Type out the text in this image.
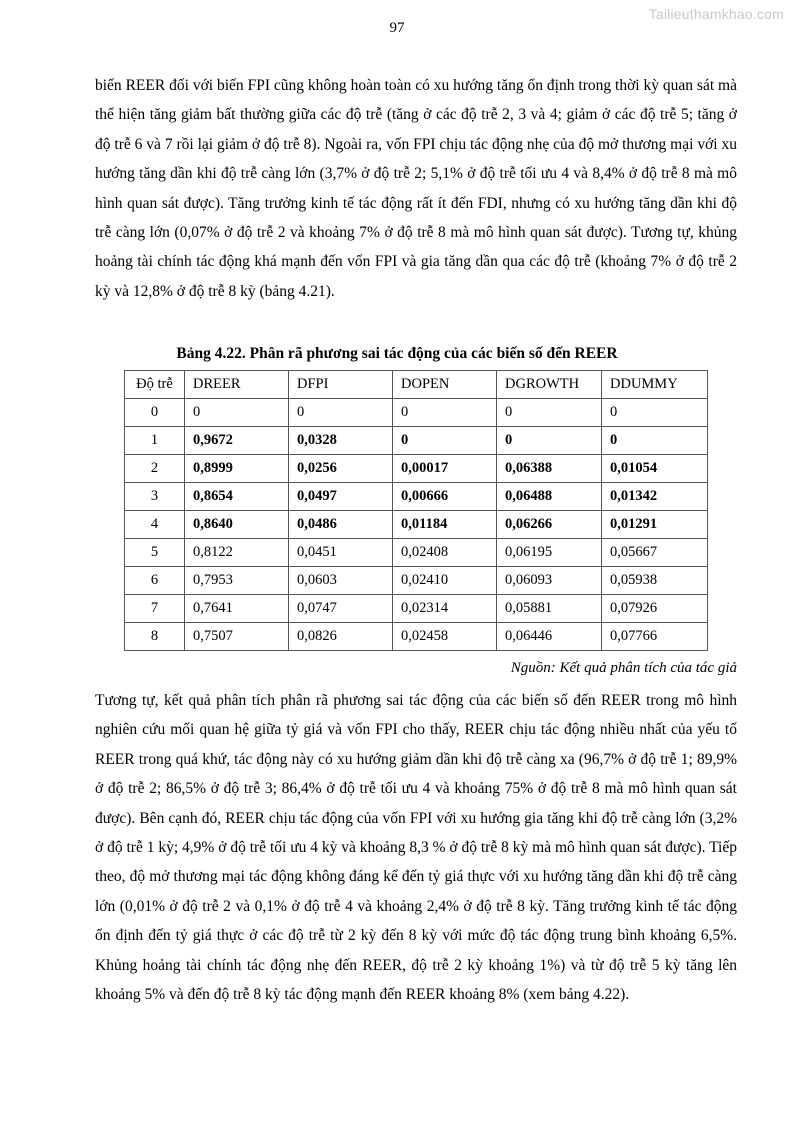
Tailieuthamkhao.com
97

biến REER đối với biến FPI cũng không hoàn toàn có xu hướng tăng ổn định trong thời kỳ quan sát mà thể hiện tăng giảm bất thường giữa các độ trễ (tăng ở các độ trễ 2, 3 và 4; giảm ở các độ trễ 5; tăng ở độ trễ 6 và 7 rồi lại giảm ở độ trễ 8). Ngoài ra, vốn FPI chịu tác động nhẹ của độ mở thương mại với xu hướng tăng dần khi độ trễ càng lớn (3,7% ở độ trễ 2; 5,1% ở độ trễ tối ưu 4 và 8,4% ở độ trễ 8 mà mô hình quan sát được). Tăng trưởng kinh tế tác động rất ít đến FDI, nhưng có xu hướng tăng dần khi độ trễ càng lớn (0,07% ở độ trễ 2 và khoảng 7% ở độ trễ 8 mà mô hình quan sát được). Tương tự, khủng hoảng tài chính tác động khá mạnh đến vốn FPI và gia tăng dần qua các độ trễ (khoảng 7% ở độ trễ 2 kỳ và 12,8% ở độ trễ 8 kỳ (bảng 4.21).

Bảng 4.22. Phân rã phương sai tác động của các biến số đến REER
Độ trễ	DREER	DFPI	DOPEN	DGROWTH	DDUMMY
0	0	0	0	0	0
1	0,9672	0,0328	0	0	0
2	0,8999	0,0256	0,00017	0,06388	0,01054
3	0,8654	0,0497	0,00666	0,06488	0,01342
4	0,8640	0,0486	0,01184	0,06266	0,01291
5	0,8122	0,0451	0,02408	0,06195	0,05667
6	0,7953	0,0603	0,02410	0,06093	0,05938
7	0,7641	0,0747	0,02314	0,05881	0,07926
8	0,7507	0,0826	0,02458	0,06446	0,07766
Nguồn: Kết quả phân tích của tác giả

Tương tự, kết quả phân tích phân rã phương sai tác động của các biến số đến REER trong mô hình nghiên cứu mối quan hệ giữa tỷ giá và vốn FPI cho thấy, REER chịu tác động nhiều nhất của yếu tố REER trong quá khứ, tác động này có xu hướng giảm dần khi độ trễ càng xa (96,7% ở độ trễ 1; 89,9% ở độ trễ 2; 86,5% ở độ trễ 3; 86,4% ở độ trễ tối ưu 4 và khoảng 75% ở độ trễ 8 mà mô hình quan sát được). Bên cạnh đó, REER chịu tác động của vốn FPI với xu hướng gia tăng khi độ trễ càng lớn (3,2% ở độ trễ 1 kỳ; 4,9% ở độ trễ tối ưu 4 kỳ và khoảng 8,3 % ở độ trễ 8 kỳ mà mô hình quan sát được). Tiếp theo, độ mở thương mại tác động không đáng kể đến tỷ giá thực với xu hướng tăng dần khi độ trễ càng lớn (0,01% ở độ trễ 2 và 0,1% ở độ trễ 4 và khoảng 2,4% ở độ trễ 8 kỳ. Tăng trưởng kinh tế tác động ổn định đến tỷ giá thực ở các độ trễ từ 2 kỳ đến 8 kỳ với mức độ tác động trung bình khoảng 6,5%. Khủng hoảng tài chính tác động nhẹ đến REER, độ trễ 2 kỳ khoảng 1%) và từ độ trễ 5 kỳ tăng lên khoảng 5% và đến độ trễ 8 kỳ tác động mạnh đến REER khoảng 8% (xem bảng 4.22).
